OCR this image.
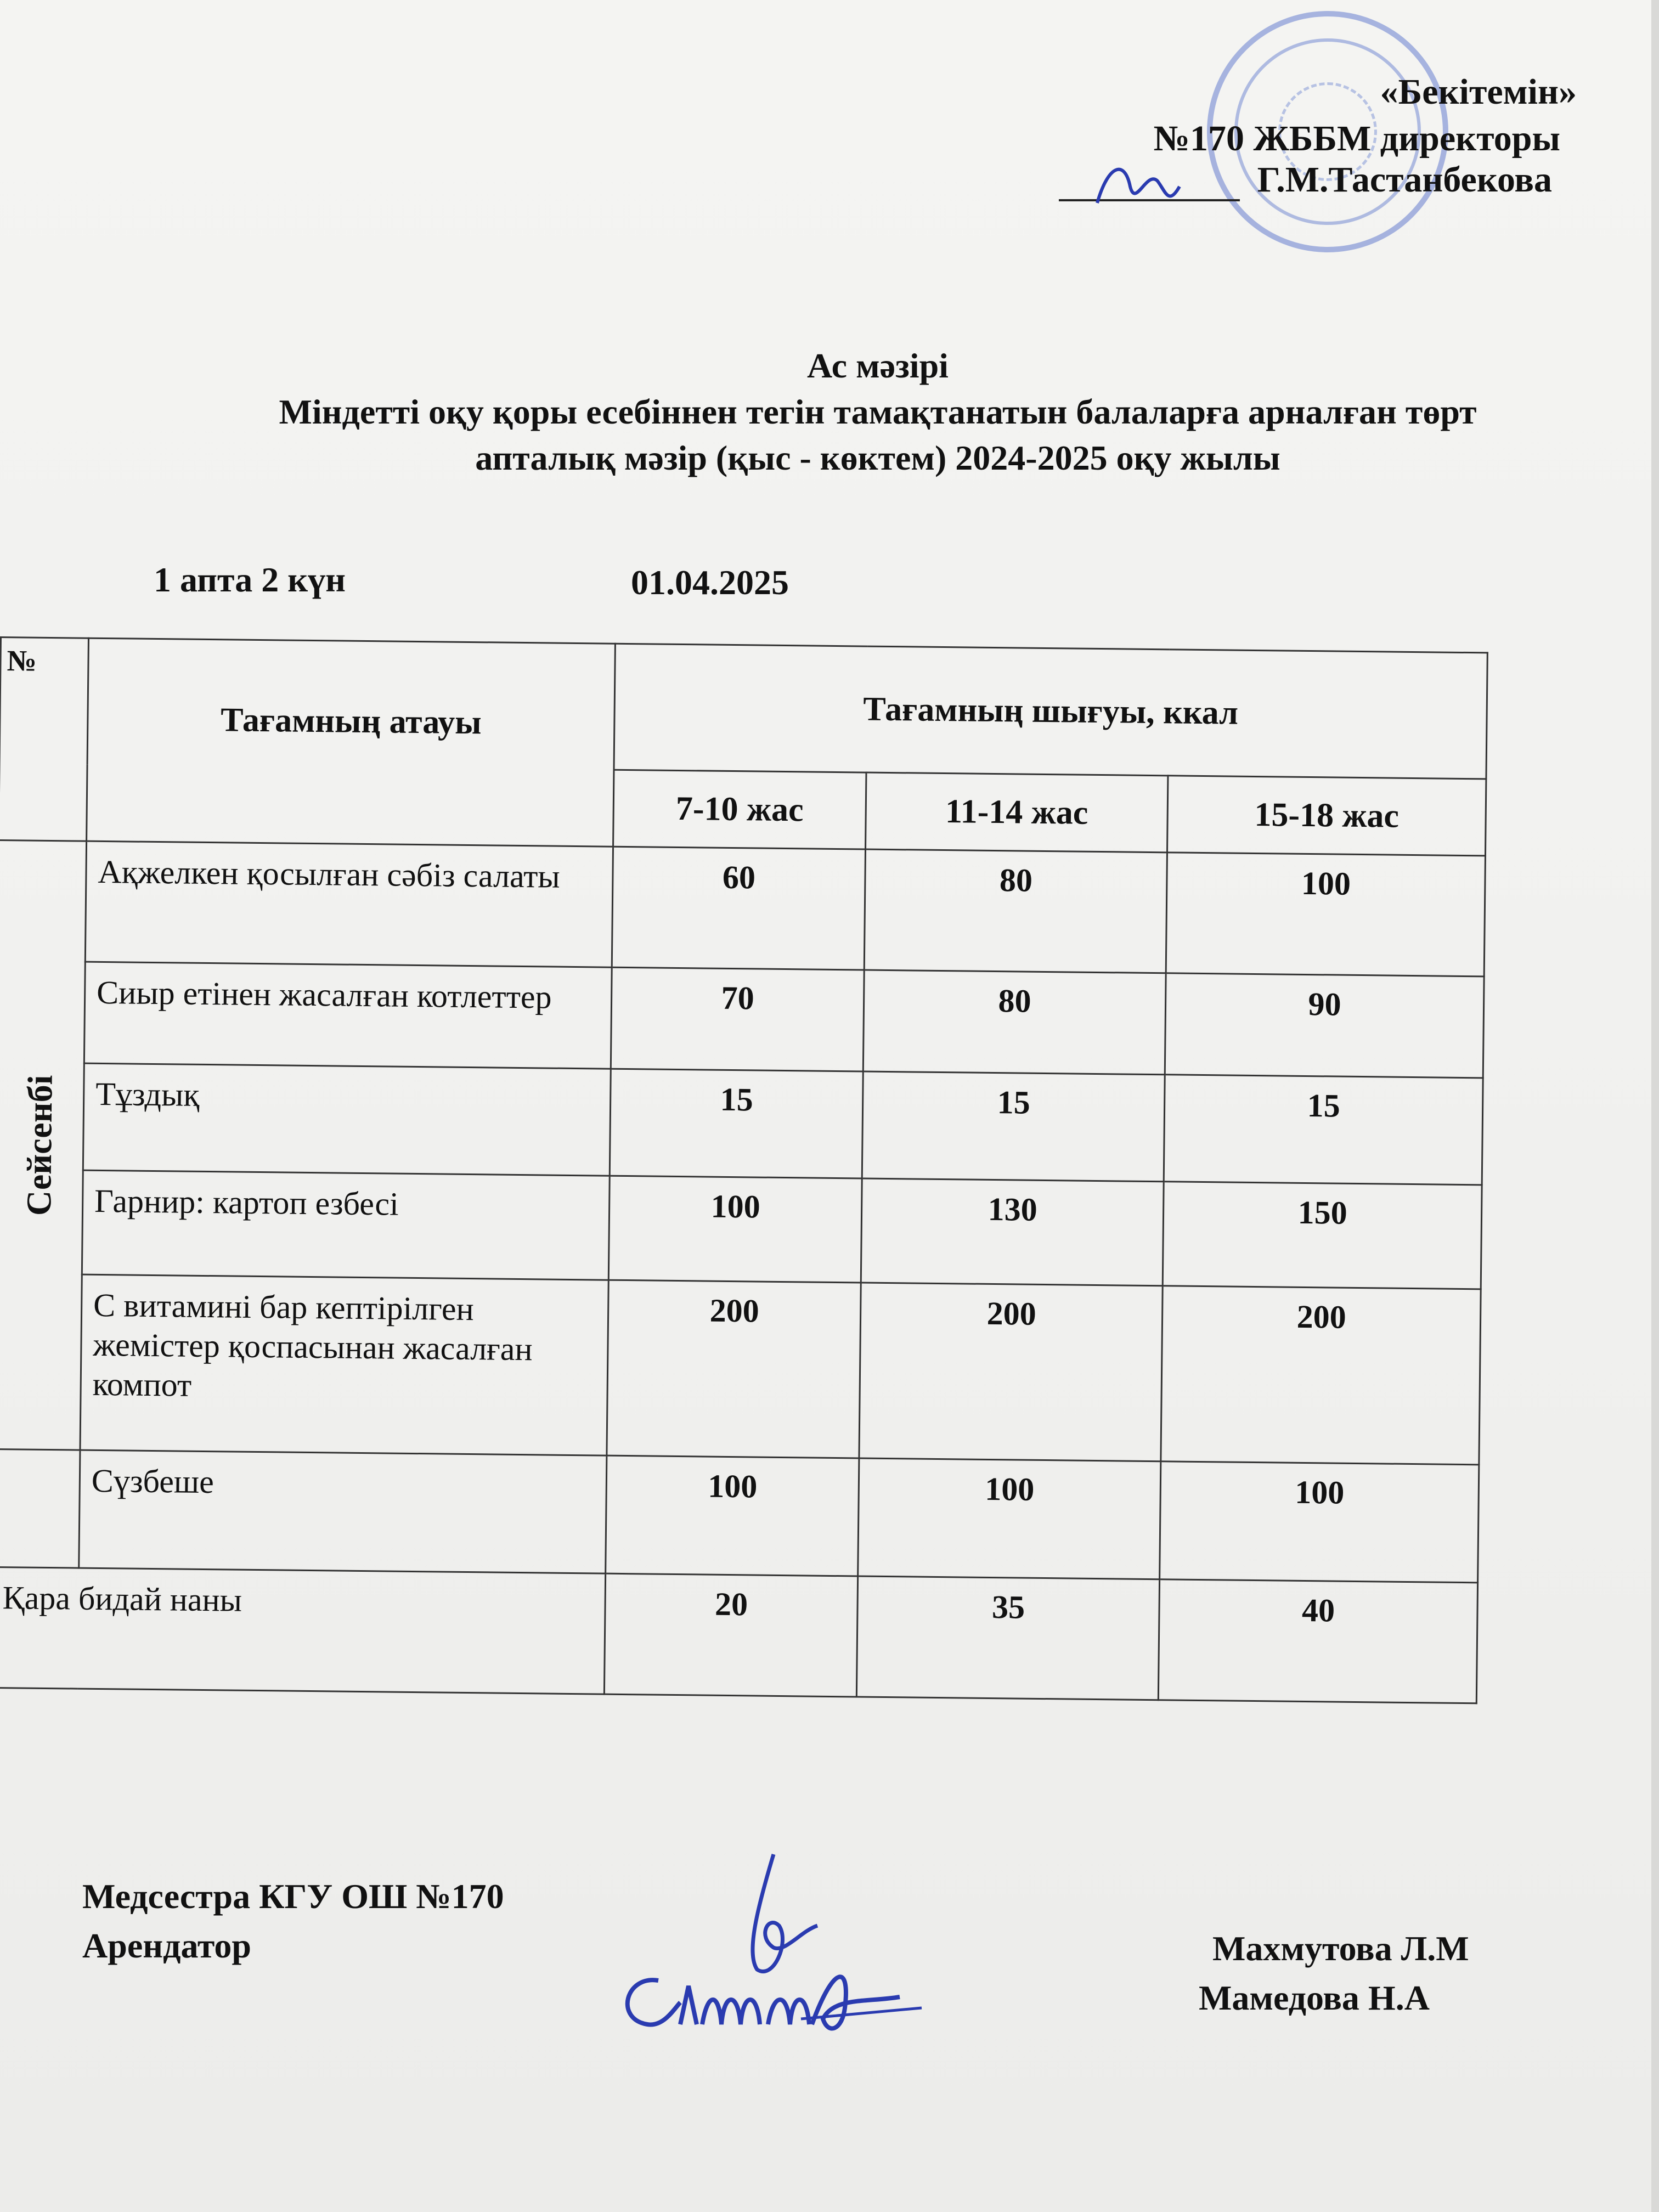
«Бекітемін»
№170 ЖББМ директоры
Г.М.Тастанбекова
Ас мәзірі
Міндетті оқу қоры есебіннен тегін тамақтанатын балаларға арналған төрт
апталық мәзір (қыс - көктем) 2024-2025 оқу жылы
1 апта 2 күн	01.04.2025
№	Тағамның атауы	Тағамның шығуы, ккал		
		7-10 жас	11-14 жас	15-18 жас

Сейсенбі	Ақжелкен қосылған сәбіз салаты	60	80	100
	Сиыр етінен жасалған котлеттер	70	80	90
	Тұздық	15	15	15
	Гарнир: картоп езбесі	100	130	150
	С витамині бар кептірілген жемістер қоспасынан жасалған компот	200	200	200
	Сүзбеше	100	100	100
Қара бидай наны		20	35	40
Медсестра КГУ ОШ №170
Арендатор	Махмутова Л.М
Мамедова Н.А
